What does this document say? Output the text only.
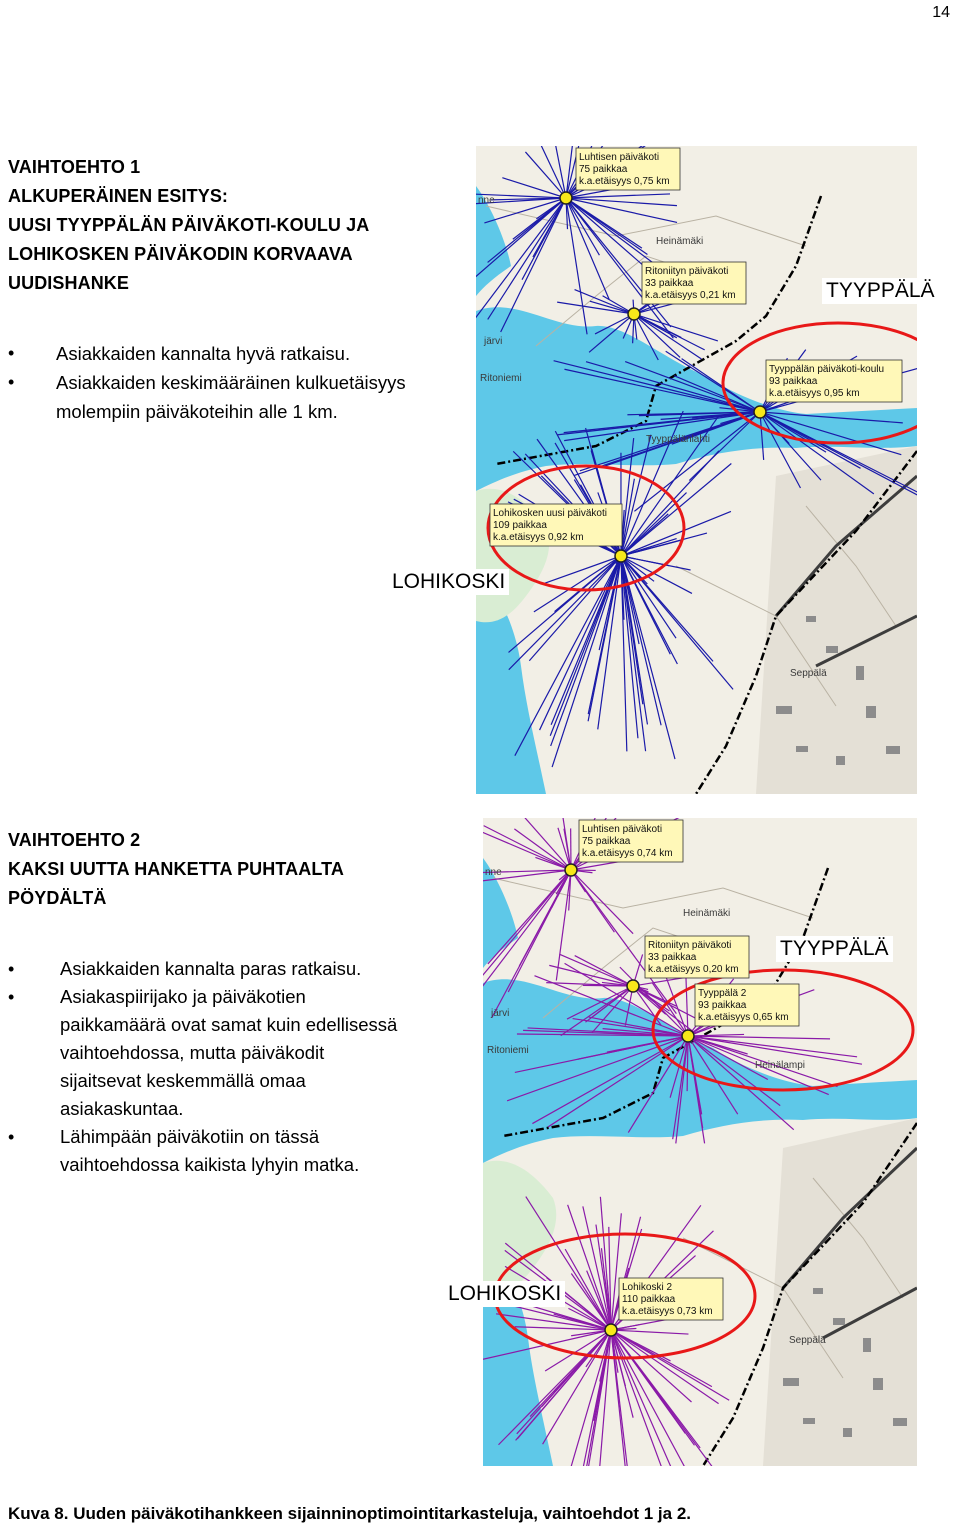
14
VAIHTOEHTO 1
ALKUPERÄINEN ESITYS:
UUSI TYYPPÄLÄN PÄIVÄKOTI-KOULU JA
LOHIKOSKEN PÄIVÄKODIN KORVAAVA
UUDISHANKE
• Asiakkaiden kannalta hyvä ratkaisu.
• Asiakkaiden keskimääräinen kulkuetäisyys
molempiin päiväkoteihin alle 1 km.
Luhtisen päiväkoti
75 paikkaa
k.a.etäisyys 0,75 km
Ritoniityn päiväkoti
33 paikkaa
k.a.etäisyys 0,21 km
Tyyppälän päiväkoti-koulu
93 paikkaa
k.a.etäisyys 0,95 km
Lohikosken uusi päiväkoti
109 paikkaa
k.a.etäisyys 0,92 km
Ritoniemi
Heinämäki
Seppälä
Tyyppälänlahti
järvi
nne
TYYPPÄLÄ
LOHIKOSKI
VAIHTOEHTO 2
KAKSI UUTTA HANKETTA PUHTAALTA
PÖYDÄLTÄ
• Asiakkaiden kannalta paras ratkaisu.
• Asiakaspiirijako ja päiväkotien
paikkamäärä ovat samat kuin edellisessä
vaihtoehdossa, mutta päiväkodit
sijaitsevat keskemmällä omaa
asiakaskuntaa.
• Lähimpään päiväkotiin on tässä
vaihtoehdossa kaikista lyhyin matka.
Luhtisen päiväkoti
75 paikkaa
k.a.etäisyys 0,74 km
Ritoniityn päiväkoti
33 paikkaa
k.a.etäisyys 0,20 km
Tyyppälä 2
93 paikkaa
k.a.etäisyys 0,65 km
Lohikoski 2
110 paikkaa
k.a.etäisyys 0,73 km
Ritoniemi
Heinämäki
Seppälä
Heinälampi
järvi
nne
TYYPPÄLÄ
LOHIKOSKI
Kuva 8. Uuden päiväkotihankkeen sijainninoptimointitarkasteluja, vaihtoehdot 1 ja 2.
